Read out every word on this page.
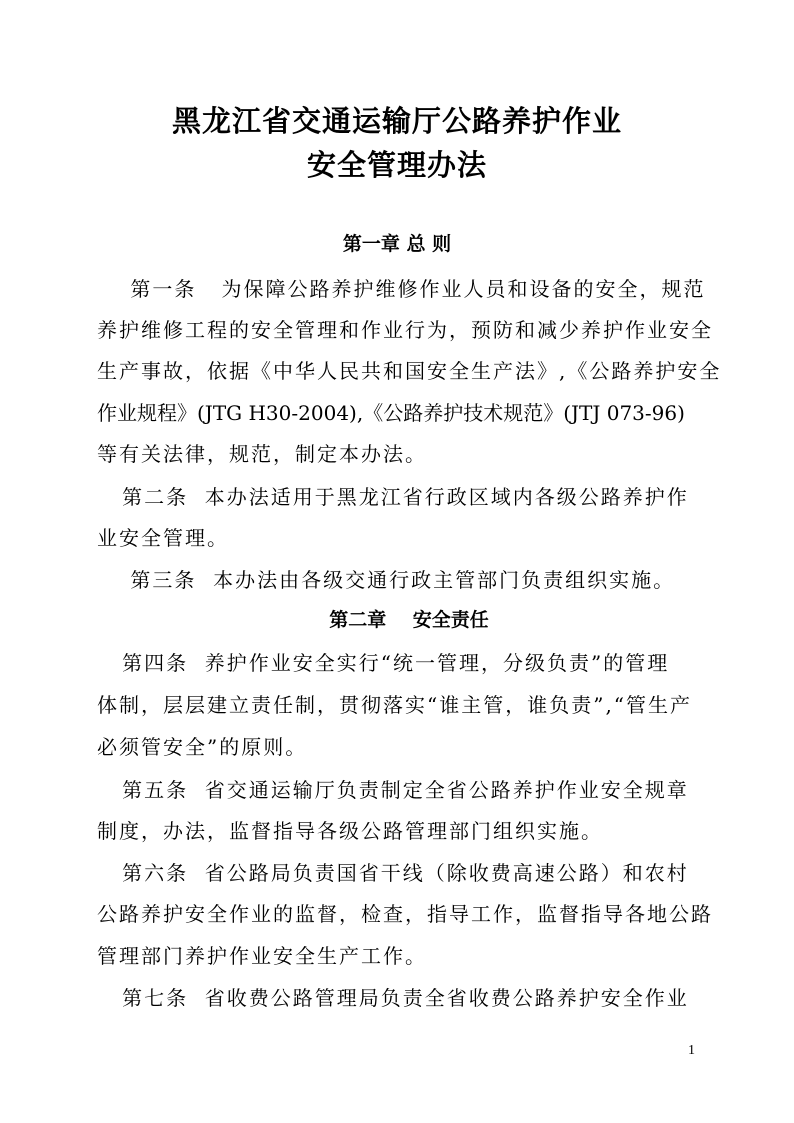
黑龙江省交通运输厅公路养护作业
安全管理办法
第一章 总 则
第一条   为保障公路养护维修作业人员和设备的安全，规范
养护维修工程的安全管理和作业行为，预防和减少养护作业安全
生产事故，依据《中华人民共和国安全生产法》,《公路养护安全
作业规程》(JTG H30-2004),《公路养护技术规范》(JTJ 073-96)
等有关法律，规范，制定本办法。
第二条  本办法适用于黑龙江省行政区域内各级公路养护作
业安全管理。
第三条  本办法由各级交通行政主管部门负责组织实施。
第二章    安全责任
第四条  养护作业安全实行“统一管理，分级负责”的管理
体制，层层建立责任制，贯彻落实“谁主管，谁负责”,“管生产
必须管安全”的原则。
第五条  省交通运输厅负责制定全省公路养护作业安全规章
制度，办法，监督指导各级公路管理部门组织实施。
第六条  省公路局负责国省干线（除收费高速公路）和农村
公路养护安全作业的监督，检查，指导工作，监督指导各地公路
管理部门养护作业安全生产工作。
第七条  省收费公路管理局负责全省收费公路养护安全作业
1
